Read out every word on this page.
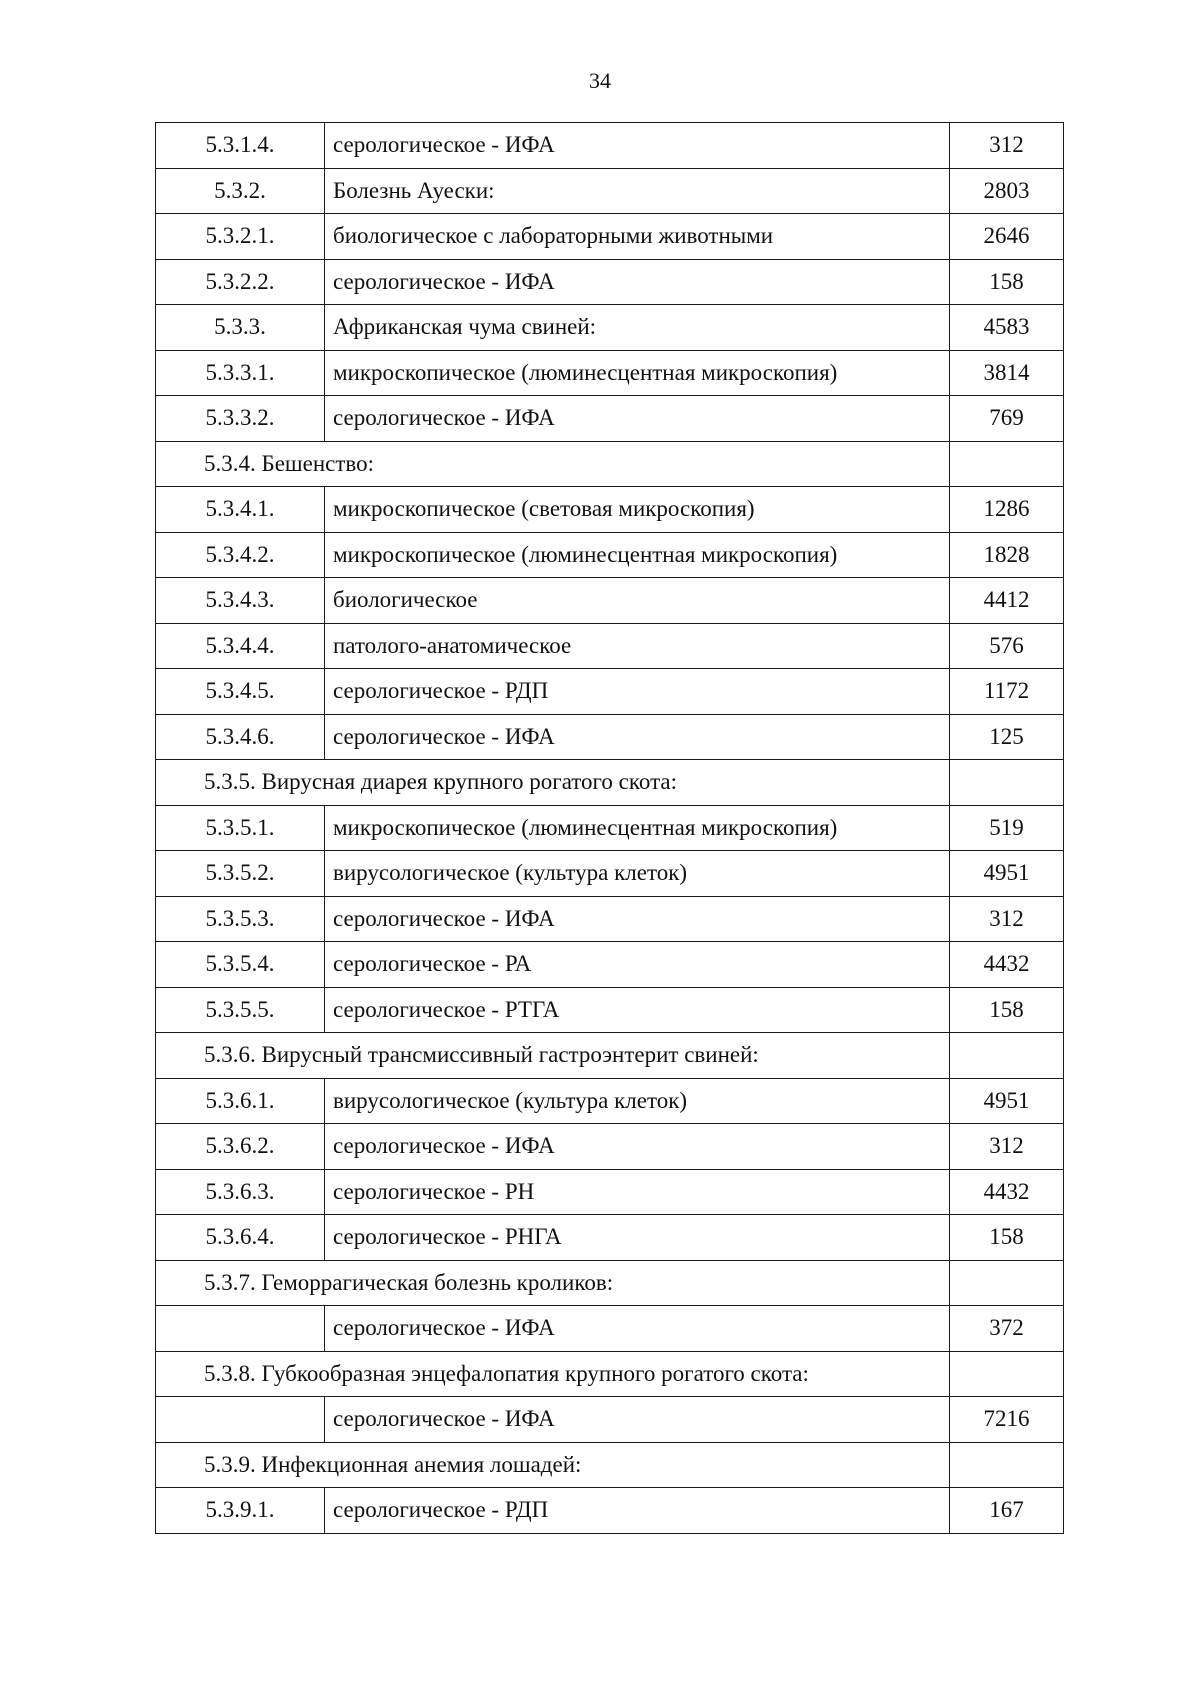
34
5.3.1.4.	серологическое - ИФА	312
5.3.2.	Болезнь Ауески:	2803
5.3.2.1.	биологическое с лабораторными животными	2646
5.3.2.2.	серологическое - ИФА	158
5.3.3.	Африканская чума свиней:	4583
5.3.3.1.	микроскопическое (люминесцентная микроскопия)	3814
5.3.3.2.	серологическое - ИФА	769
5.3.4. Бешенство:		
5.3.4.1.	микроскопическое (световая микроскопия)	1286
5.3.4.2.	микроскопическое (люминесцентная микроскопия)	1828
5.3.4.3.	биологическое	4412
5.3.4.4.	патолого-анатомическое	576
5.3.4.5.	серологическое - РДП	1172
5.3.4.6.	серологическое - ИФА	125
5.3.5. Вирусная диарея крупного рогатого скота:		
5.3.5.1.	микроскопическое (люминесцентная микроскопия)	519
5.3.5.2.	вирусологическое (культура клеток)	4951
5.3.5.3.	серологическое - ИФА	312
5.3.5.4.	серологическое - РА	4432
5.3.5.5.	серологическое - РТГА	158
5.3.6. Вирусный трансмиссивный гастроэнтерит свиней:		
5.3.6.1.	вирусологическое (культура клеток)	4951
5.3.6.2.	серологическое - ИФА	312
5.3.6.3.	серологическое - РН	4432
5.3.6.4.	серологическое - РНГА	158
5.3.7. Геморрагическая болезнь кроликов:		
	серологическое - ИФА	372
5.3.8. Губкообразная энцефалопатия крупного рогатого скота:		
	серологическое - ИФА	7216
5.3.9. Инфекционная анемия лошадей:		
5.3.9.1.	серологическое - РДП	167
